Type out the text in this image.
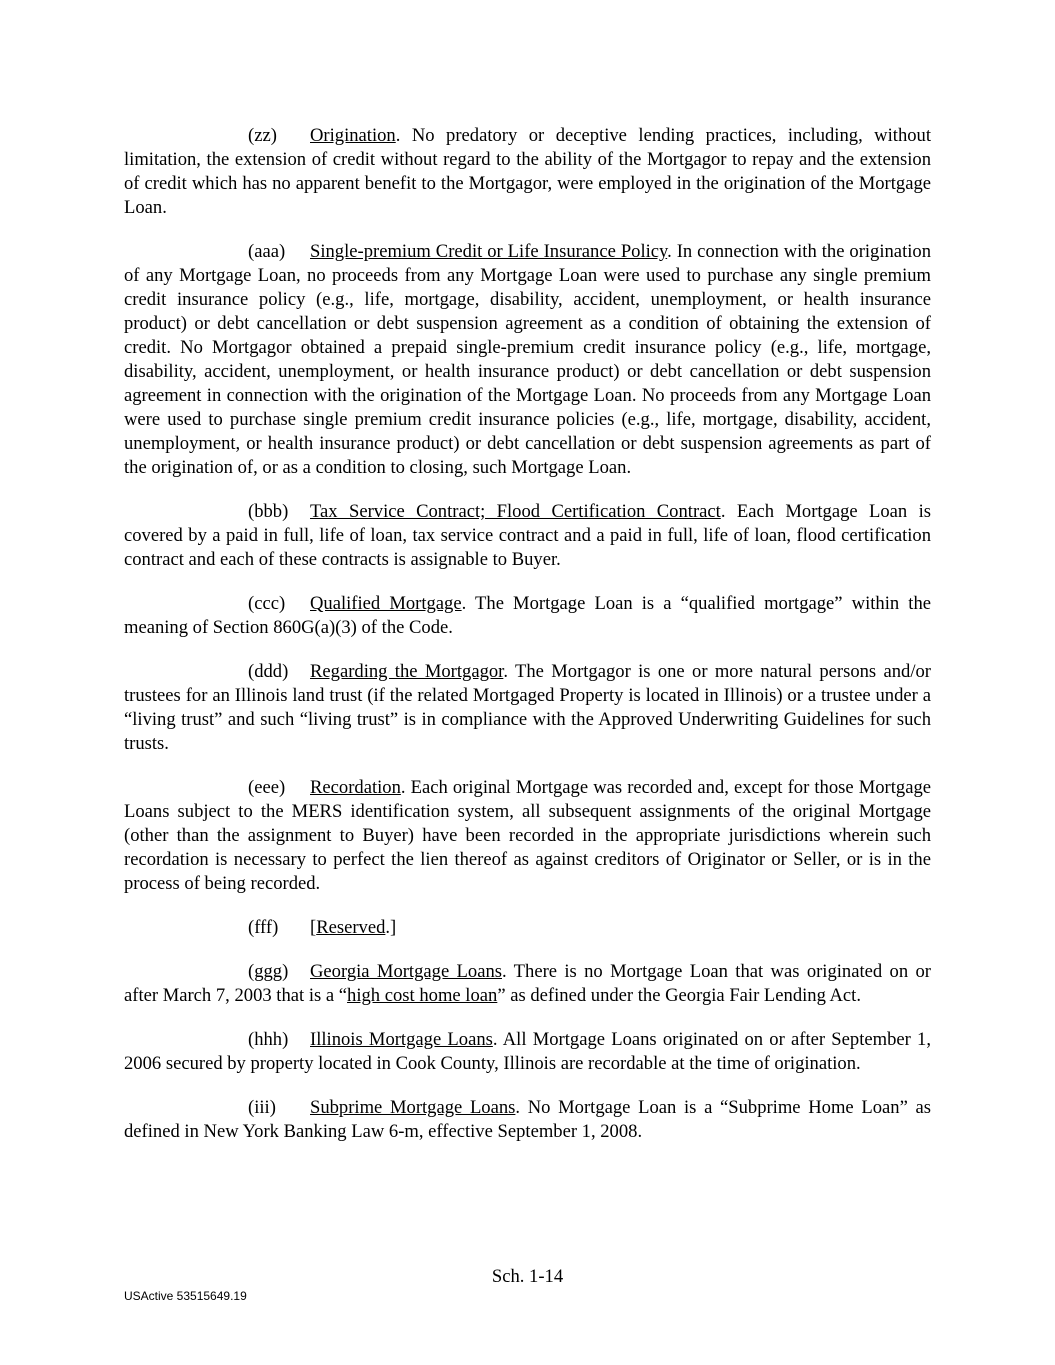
(zz) Origination. No predatory or deceptive lending practices, including, without limitation, the extension of credit without regard to the ability of the Mortgagor to repay and the extension of credit which has no apparent benefit to the Mortgagor, were employed in the origination of the Mortgage Loan.

(aaa) Single-premium Credit or Life Insurance Policy. In connection with the origination of any Mortgage Loan, no proceeds from any Mortgage Loan were used to purchase any single premium credit insurance policy (e.g., life, mortgage, disability, accident, unemployment, or health insurance product) or debt cancellation or debt suspension agreement as a condition of obtaining the extension of credit. No Mortgagor obtained a prepaid single-premium credit insurance policy (e.g., life, mortgage, disability, accident, unemployment, or health insurance product) or debt cancellation or debt suspension agreement in connection with the origination of the Mortgage Loan. No proceeds from any Mortgage Loan were used to purchase single premium credit insurance policies (e.g., life, mortgage, disability, accident, unemployment, or health insurance product) or debt cancellation or debt suspension agreements as part of the origination of, or as a condition to closing, such Mortgage Loan.

(bbb) Tax Service Contract; Flood Certification Contract. Each Mortgage Loan is covered by a paid in full, life of loan, tax service contract and a paid in full, life of loan, flood certification contract and each of these contracts is assignable to Buyer.

(ccc) Qualified Mortgage. The Mortgage Loan is a “qualified mortgage” within the meaning of Section 860G(a)(3) of the Code.

(ddd) Regarding the Mortgagor. The Mortgagor is one or more natural persons and/or trustees for an Illinois land trust (if the related Mortgaged Property is located in Illinois) or a trustee under a “living trust” and such “living trust” is in compliance with the Approved Underwriting Guidelines for such trusts.

(eee) Recordation. Each original Mortgage was recorded and, except for those Mortgage Loans subject to the MERS identification system, all subsequent assignments of the original Mortgage (other than the assignment to Buyer) have been recorded in the appropriate jurisdictions wherein such recordation is necessary to perfect the lien thereof as against creditors of Originator or Seller, or is in the process of being recorded.

(fff) [Reserved.]

(ggg) Georgia Mortgage Loans. There is no Mortgage Loan that was originated on or after March 7, 2003 that is a “high cost home loan” as defined under the Georgia Fair Lending Act.

(hhh) Illinois Mortgage Loans. All Mortgage Loans originated on or after September 1, 2006 secured by property located in Cook County, Illinois are recordable at the time of origination.

(iii) Subprime Mortgage Loans. No Mortgage Loan is a “Subprime Home Loan” as defined in New York Banking Law 6-m, effective September 1, 2008.

Sch. 1-14
USActive 53515649.19
